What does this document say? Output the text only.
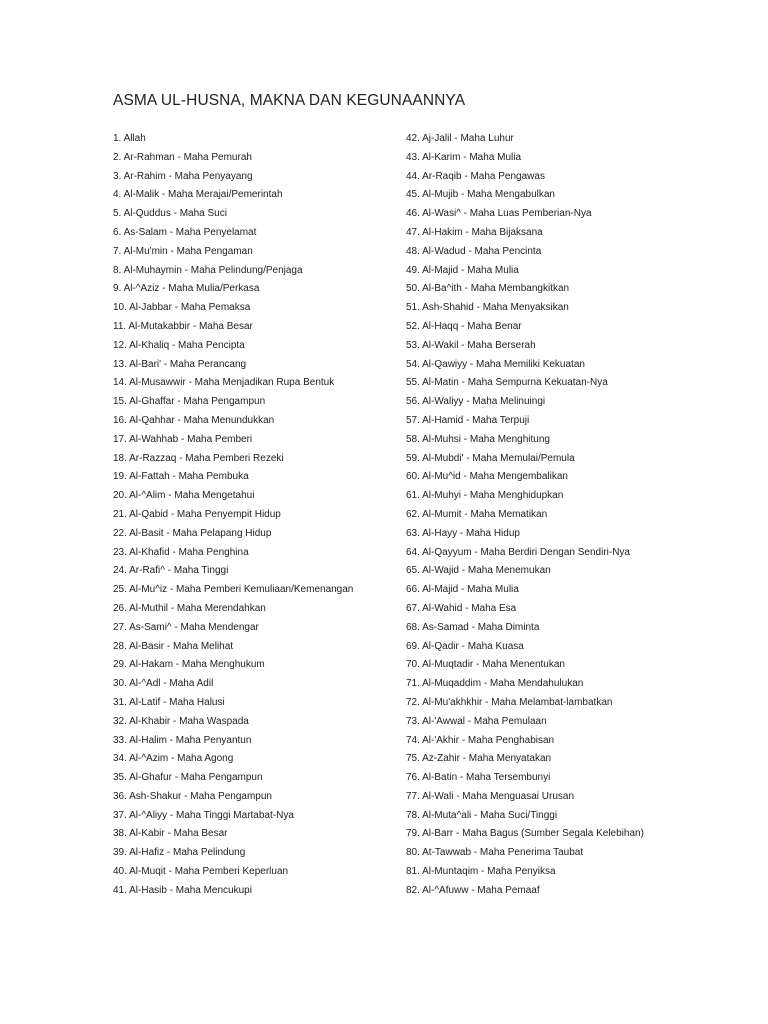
ASMA UL-HUSNA, MAKNA DAN KEGUNAANNYA
1. Allah
2. Ar-Rahman - Maha Pemurah
3. Ar-Rahim - Maha Penyayang
4. Al-Malik - Maha Merajai/Pemerintah
5. Al-Quddus - Maha Suci
6. As-Salam - Maha Penyelamat
7. Al-Mu'min - Maha Pengaman
8. Al-Muhaymin - Maha Pelindung/Penjaga
9. Al-^Aziz - Maha Mulia/Perkasa
10. Al-Jabbar - Maha Pemaksa
11. Al-Mutakabbir - Maha Besar
12. Al-Khaliq - Maha Pencipta
13. Al-Bari' - Maha Perancang
14. Al-Musawwir - Maha Menjadikan Rupa Bentuk
15. Al-Ghaffar - Maha Pengampun
16. Al-Qahhar - Maha Menundukkan
17. Al-Wahhab - Maha Pemberi
18. Ar-Razzaq - Maha Pemberi Rezeki
19. Al-Fattah - Maha Pembuka
20. Al-^Alim - Maha Mengetahui
21. Al-Qabid - Maha Penyempit Hidup
22. Al-Basit - Maha Pelapang Hidup
23. Al-Khafid - Maha Penghina
24. Ar-Rafi^ - Maha Tinggi
25. Al-Mu^iz - Maha Pemberi Kemuliaan/Kemenangan
26. Al-Muthil - Maha Merendahkan
27. As-Sami^ - Maha Mendengar
28. Al-Basir - Maha Melihat
29. Al-Hakam - Maha Menghukum
30. Al-^Adl - Maha Adil
31. Al-Latif - Maha Halusi
32. Al-Khabir - Maha Waspada
33. Al-Halim - Maha Penyantun
34. Al-^Azim - Maha Agong
35. Al-Ghafur - Maha Pengampun
36. Ash-Shakur - Maha Pengampun
37. Al-^Aliyy - Maha Tinggi Martabat-Nya
38. Al-Kabir - Maha Besar
39. Al-Hafiz - Maha Pelindung
40. Al-Muqit - Maha Pemberi Keperluan
41. Al-Hasib - Maha Mencukupi
42. Aj-Jalil - Maha Luhur
43. Al-Karim - Maha Mulia
44. Ar-Raqib - Maha Pengawas
45. Al-Mujib - Maha Mengabulkan
46. Al-Wasi^ - Maha Luas Pemberian-Nya
47. Al-Hakim - Maha Bijaksana
48. Al-Wadud - Maha Pencinta
49. Al-Majid - Maha Mulia
50. Al-Ba^ith - Maha Membangkitkan
51. Ash-Shahid - Maha Menyaksikan
52. Al-Haqq - Maha Benar
53. Al-Wakil - Maha Berserah
54. Al-Qawiyy - Maha Memiliki Kekuatan
55. Al-Matin - Maha Sempurna Kekuatan-Nya
56. Al-Waliyy - Maha Melinuingi
57. Al-Hamid - Maha Terpuji
58. Al-Muhsi - Maha Menghitung
59. Al-Mubdi' - Maha Memulai/Pemula
60. Al-Mu^id - Maha Mengembalikan
61. Al-Muhyi - Maha Menghidupkan
62. Al-Mumit - Maha Mematikan
63. Al-Hayy - Maha Hidup
64. Al-Qayyum - Maha Berdiri Dengan Sendiri-Nya
65. Al-Wajid - Maha Menemukan
66. Al-Majid - Maha Mulia
67. Al-Wahid - Maha Esa
68. As-Samad - Maha Diminta
69. Al-Qadir - Maha Kuasa
70. Al-Muqtadir - Maha Menentukan
71. Al-Muqaddim - Maha Mendahulukan
72. Al-Mu'akhkhir - Maha Melambat-lambatkan
73. Al-'Awwal - Maha Pemulaan
74. Al-'Akhir - Maha Penghabisan
75. Az-Zahir - Maha Menyatakan
76. Al-Batin - Maha Tersembunyi
77. Al-Wali - Maha Menguasai Urusan
78. Al-Muta^ali - Maha Suci/Tinggi
79. Al-Barr - Maha Bagus (Sumber Segala Kelebihan)
80. At-Tawwab - Maha Penerima Taubat
81. Al-Muntaqim - Maha Penyiksa
82. Al-^Afuww - Maha Pemaaf
